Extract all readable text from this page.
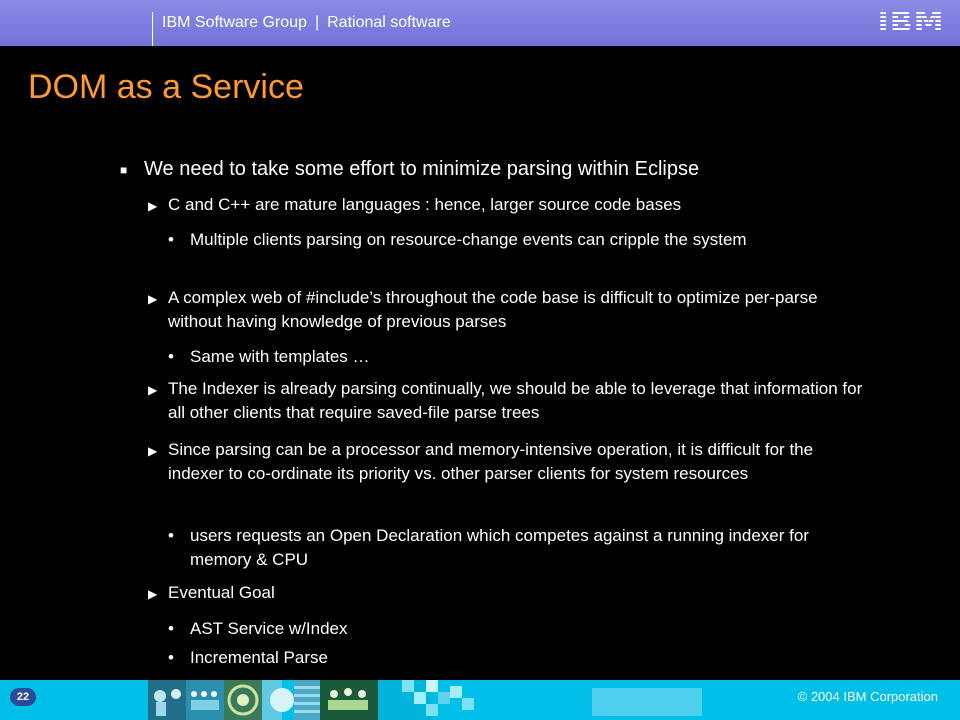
IBM Software Group | Rational software	IBM
DOM as a Service
■ We need to take some effort to minimize parsing within Eclipse
▶ C and C++ are mature languages : hence, larger source code bases
• Multiple clients parsing on resource-change events can cripple the system
▶ A complex web of #include’s throughout the code base is difficult to optimize per-parse without having knowledge of previous parses
• Same with templates …
▶ The Indexer is already parsing continually, we should be able to leverage that information for all other clients that require saved-file parse trees
▶ Since parsing can be a processor and memory-intensive operation, it is difficult for the indexer to co-ordinate its priority vs. other parser clients for system resources
• users requests an Open Declaration which competes against a running indexer for memory & CPU
▶ Eventual Goal
• AST Service w/Index
• Incremental Parse
22	© 2004 IBM Corporation
